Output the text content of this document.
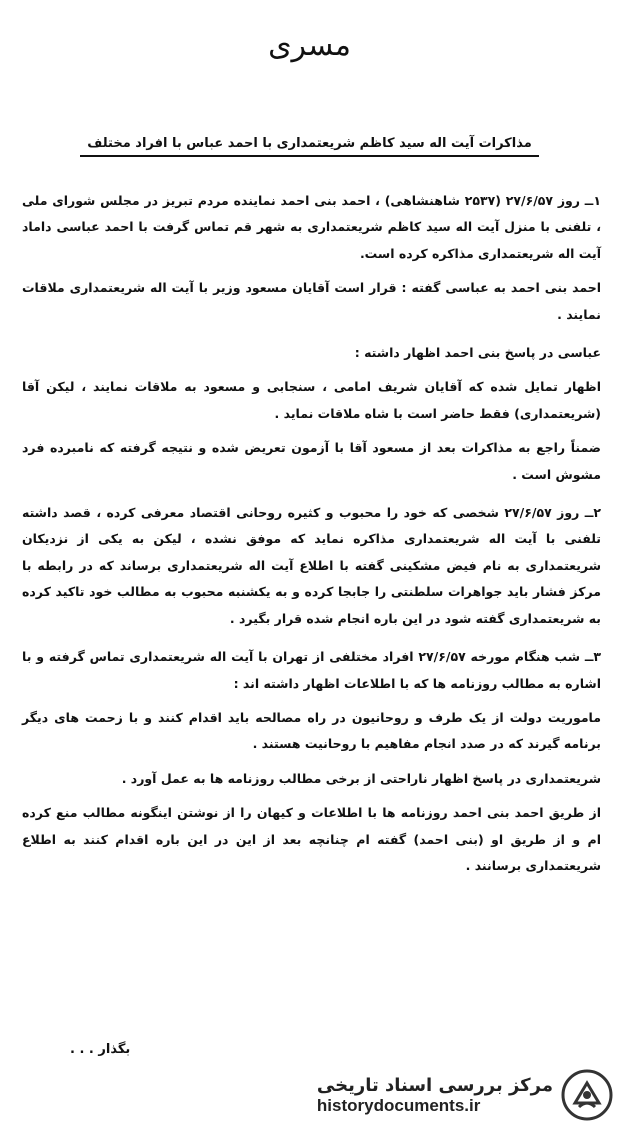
مسری
مذاکرات آیت اله سید کاظم شریعتمداری با احمد عباس با افراد مختلف

۱ــ روز ۲۷/۶/۵۷ (۲۵۳۷ شاهنشاهی) ، احمد بنی احمد نماینده مردم تبریز در مجلس شورای ملی ، تلفنی با منزل آیت اله سید کاظم شریعتمداری به شهر قم تماس گرفت با احمد عباسی داماد آیت اله شریعتمداری مذاکره کرده است.

احمد بنی احمد به عباسی گفته : قرار است آقایان مسعود وزیر با آیت اله شریعتمداری ملاقات نمایند .

عباسی در پاسخ بنی احمد اظهار داشته :

اظهار تمایل شده که آقایان شریف امامی ، سنجابی و مسعود به ملاقات نمایند ، لیکن آقا (شریعتمداری) فقط حاضر است با شاه ملاقات نماید .

ضمناً راجع به مذاکرات بعد از مسعود آقا با آزمون تعریض شده و نتیجه گرفته که نامبرده فرد مشوش است .

۲ــ روز ۲۷/۶/۵۷ شخصی که خود را محبوب و کثیره روحانی اقتصاد معرفی کرده ، قصد داشته تلفنی با آیت اله شریعتمداری مذاکره نماید که موفق نشده ، لیکن به یکی از نزدیکان شریعتمداری به نام فیض مشکینی گفته با اطلاع آیت اله شریعتمداری برساند که در رابطه با مرکز فشار باید جواهرات سلطنتی را جابجا کرده و به یکشنبه محبوب به مطالب خود تاکید کرده به شریعتمداری گفته شود در این باره انجام شده قرار بگیرد .

۳ــ شب هنگام مورخه ۲۷/۶/۵۷ افراد مختلفی از تهران با آیت اله شریعتمداری تماس گرفته و با اشاره به مطالب روزنامه ها که با اطلاعات اظهار داشته اند :

ماموریت دولت از یک طرف و روحانیون در راه مصالحه باید اقدام کنند و با زحمت های دیگر برنامه گیرند که در صدد انجام مفاهیم با روحانیت هستند .

شریعتمداری در پاسخ اظهار ناراحتی از برخی مطالب روزنامه ها به عمل آورد .

از طریق احمد بنی احمد روزنامه ها با اطلاعات و کیهان را از نوشتن اینگونه مطالب منع کرده ام و از طریق او (بنی احمد) گفته ام چنانچه بعد از این در این باره اقدام کنند به اطلاع شریعتمداری برسانند .

بگذار . . .
مرکز بررسی اسناد تاریخی
historydocuments.ir
